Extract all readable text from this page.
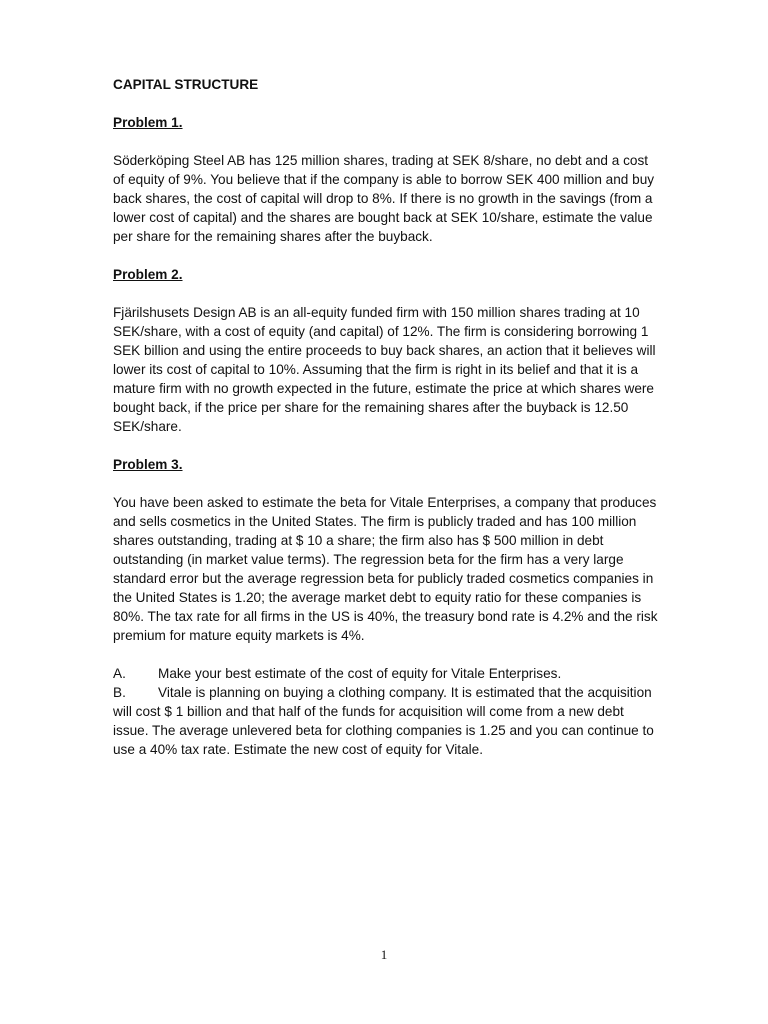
CAPITAL STRUCTURE

Problem 1.

Söderköping Steel AB has 125 million shares, trading at SEK 8/share, no debt and a cost of equity of 9%. You believe that if the company is able to borrow SEK 400 million and buy back shares, the cost of capital will drop to 8%. If there is no growth in the savings (from a lower cost of capital) and the shares are bought back at SEK 10/share, estimate the value per share for the remaining shares after the buyback.

Problem 2.

Fjärilshusets Design AB is an all-equity funded firm with 150 million shares trading at 10 SEK/share, with a cost of equity (and capital) of 12%. The firm is considering borrowing 1 SEK billion and using the entire proceeds to buy back shares, an action that it believes will lower its cost of capital to 10%. Assuming that the firm is right in its belief and that it is a mature firm with no growth expected in the future, estimate the price at which shares were bought back, if the price per share for the remaining shares after the buyback is 12.50 SEK/share.

Problem 3.

You have been asked to estimate the beta for Vitale Enterprises, a company that produces and sells cosmetics in the United States. The firm is publicly traded and has 100 million shares outstanding, trading at $ 10 a share; the firm also has $ 500 million in debt outstanding (in market value terms). The regression beta for the firm has a very large standard error but the average regression beta for publicly traded cosmetics companies in the United States is 1.20; the average market debt to equity ratio for these companies is 80%. The tax rate for all firms in the US is 40%, the treasury bond rate is 4.2% and the risk premium for mature equity markets is 4%.

A. Make your best estimate of the cost of equity for Vitale Enterprises.

B. Vitale is planning on buying a clothing company. It is estimated that the acquisition will cost $ 1 billion and that half of the funds for acquisition will come from a new debt issue. The average unlevered beta for clothing companies is 1.25 and you can continue to use a 40% tax rate. Estimate the new cost of equity for Vitale.

1
